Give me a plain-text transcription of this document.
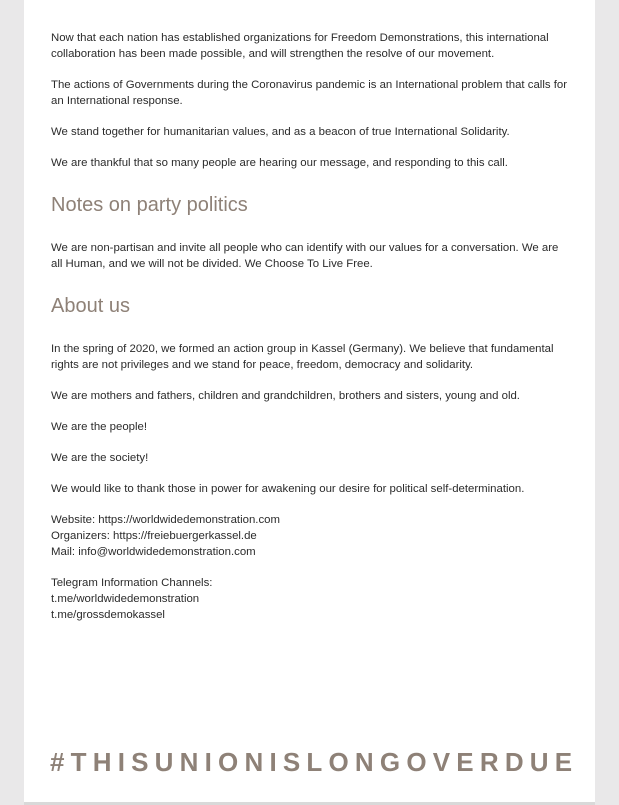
Now that each nation has established organizations for Freedom Demonstrations, this international collaboration has been made possible, and will strengthen the resolve of our movement.

The actions of Governments during the Coronavirus pandemic is an International problem that calls for an International response.

We stand together for humanitarian values, and as a beacon of true International Solidarity.

We are thankful that so many people are hearing our message, and responding to this call.

Notes on party politics

We are non-partisan and invite all people who can identify with our values for a conversation. We are all Human, and we will not be divided. We Choose To Live Free.

About us

In the spring of 2020, we formed an action group in Kassel (Germany). We believe that fundamental rights are not privileges and we stand for peace, freedom, democracy and solidarity.

We are mothers and fathers, children and grandchildren, brothers and sisters, young and old.

We are the people!

We are the society!

We would like to thank those in power for awakening our desire for political self-determination.

Website: https://worldwidedemonstration.com

Organizers: https://freiebuergerkassel.de

Mail: info@worldwidedemonstration.com

Telegram Information Channels:

t.me/worldwidedemonstration

t.me/grossdemokassel

#THISUNIONISLONGOVERDUE
